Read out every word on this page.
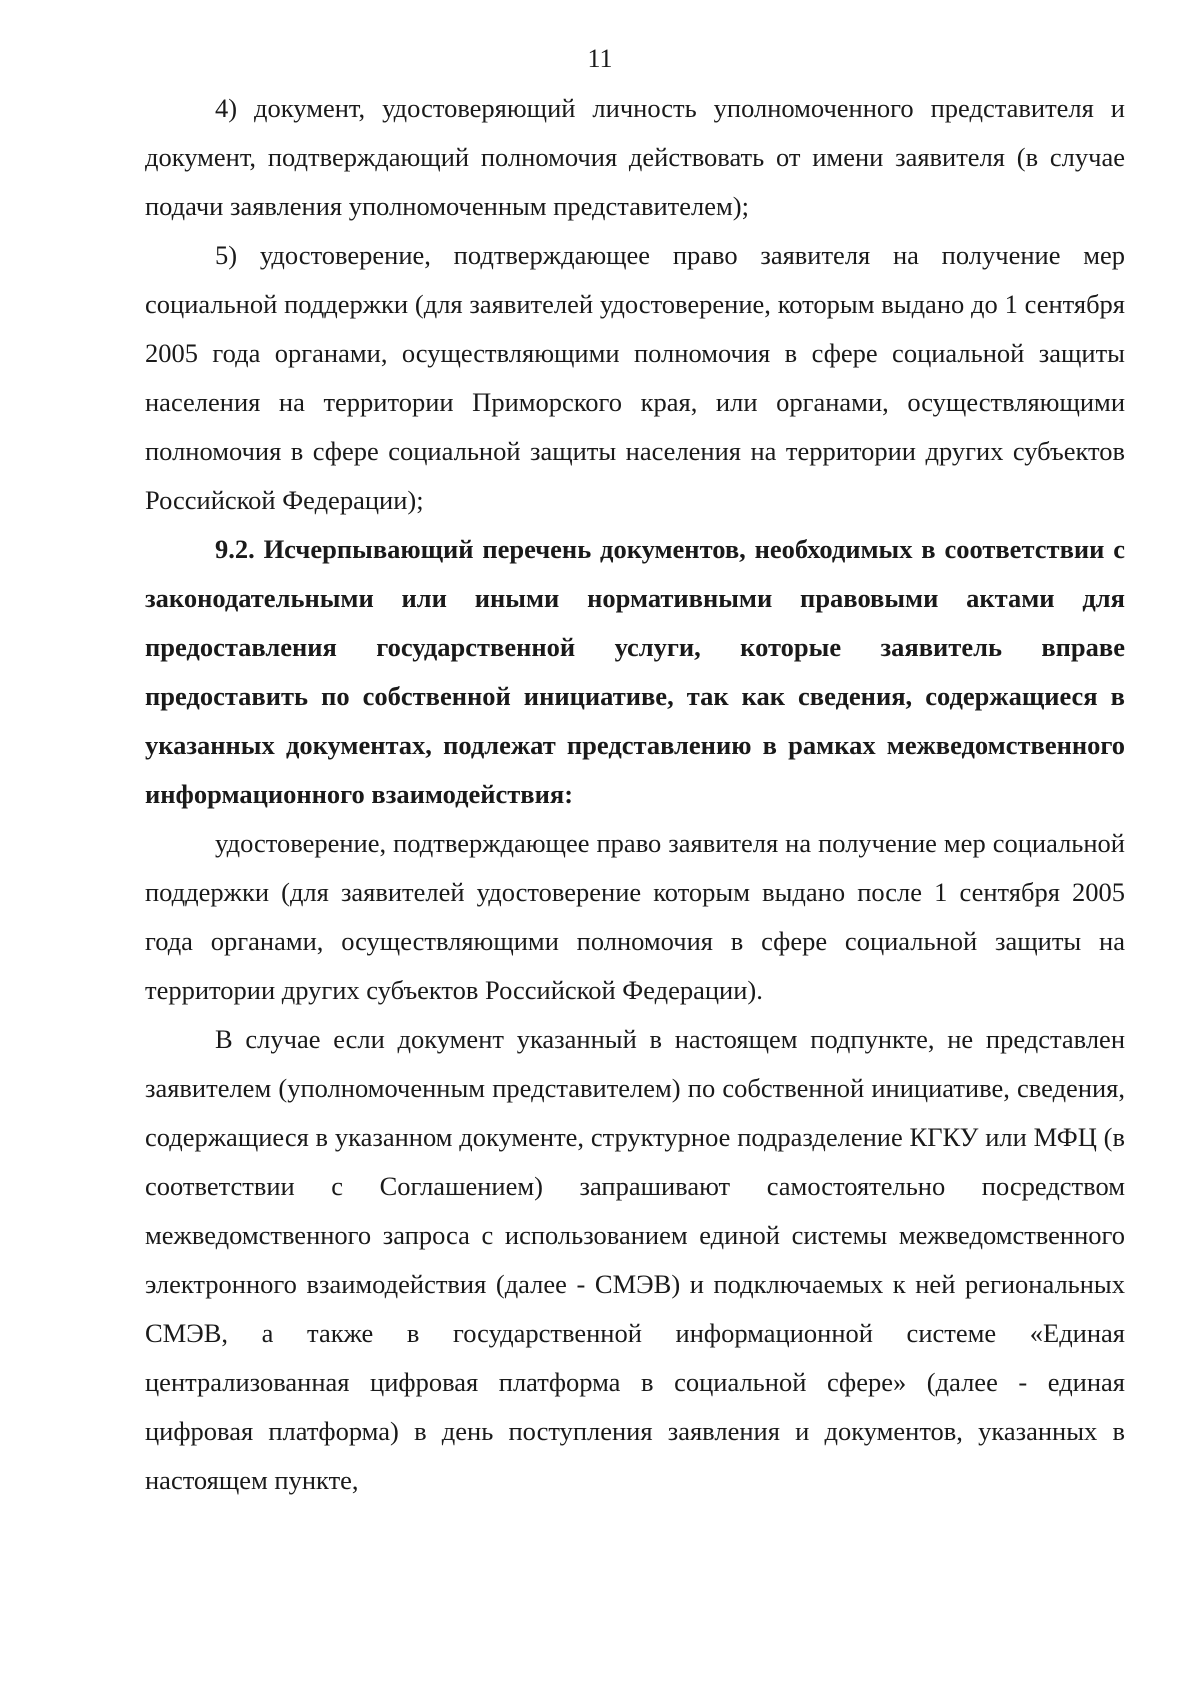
11

4) документ, удостоверяющий личность уполномоченного представителя и документ, подтверждающий полномочия действовать от имени заявителя (в случае подачи заявления уполномоченным представителем);

5) удостоверение, подтверждающее право заявителя на получение мер социальной поддержки (для заявителей удостоверение, которым выдано до 1 сентября 2005 года органами, осуществляющими полномочия в сфере социальной защиты населения на территории Приморского края, или органами, осуществляющими полномочия в сфере социальной защиты населения на территории других субъектов Российской Федерации);

9.2. Исчерпывающий перечень документов, необходимых в соответствии с законодательными или иными нормативными правовыми актами для предоставления государственной услуги, которые заявитель вправе предоставить по собственной инициативе, так как сведения, содержащиеся в указанных документах, подлежат представлению в рамках межведомственного информационного взаимодействия:

удостоверение, подтверждающее право заявителя на получение мер социальной поддержки (для заявителей удостоверение которым выдано после 1 сентября 2005 года органами, осуществляющими полномочия в сфере социальной защиты на территории других субъектов Российской Федерации).

В случае если документ указанный в настоящем подпункте, не представлен заявителем (уполномоченным представителем) по собственной инициативе, сведения, содержащиеся в указанном документе, структурное подразделение КГКУ или МФЦ (в соответствии с Соглашением) запрашивают самостоятельно посредством межведомственного запроса с использованием единой системы межведомственного электронного взаимодействия (далее - СМЭВ) и подключаемых к ней региональных СМЭВ, а также в государственной информационной системе «Единая централизованная цифровая платформа в социальной сфере» (далее - единая цифровая платформа) в день поступления заявления и документов, указанных в настоящем пункте,
